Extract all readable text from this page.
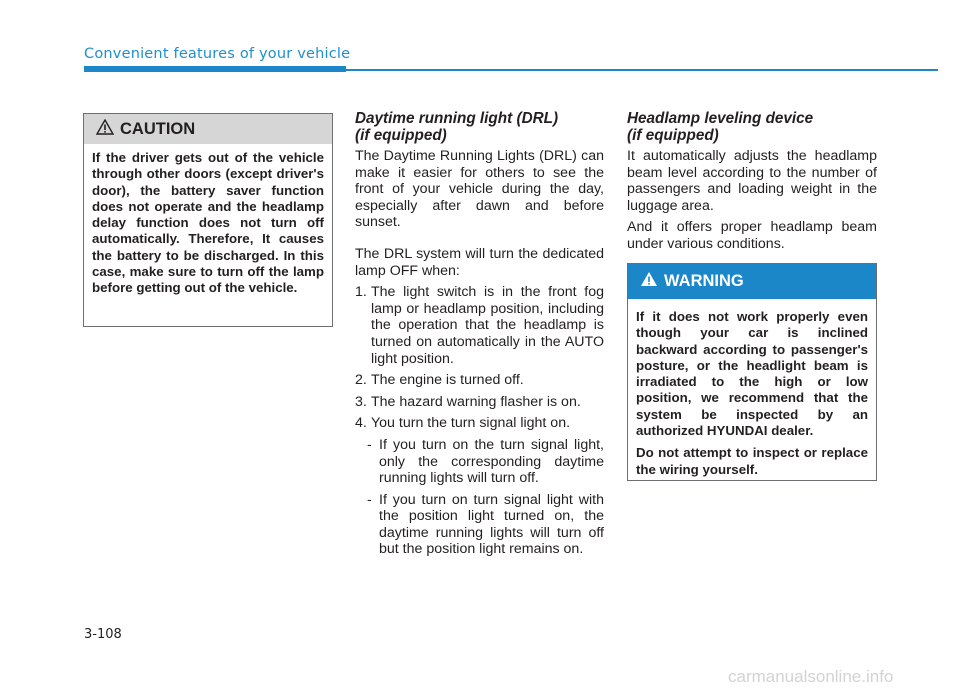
Convenient features of your vehicle
CAUTION

If the driver gets out of the vehicle through other doors (except driver's door), the battery saver function does not operate and the headlamp delay function does not turn off automatically. Therefore, It causes the battery to be discharged. In this case, make sure to turn off the lamp before getting out of the vehicle.

Daytime running light (DRL)
(if equipped)

The Daytime Running Lights (DRL) can make it easier for others to see the front of your vehicle during the day, especially after dawn and before sunset.

The DRL system will turn the dedicated lamp OFF when:

1. The light switch is in the front fog lamp or headlamp position, including the operation that the headlamp is turned on automatically in the AUTO light position.
2. The engine is turned off.
3. The hazard warning flasher is on.
4. You turn the turn signal light on.
- If you turn on the turn signal light, only the corresponding daytime running lights will turn off.
- If you turn on turn signal light with the position light turned on, the daytime running lights will turn off but the position light remains on.
Headlamp leveling device
(if equipped)

It automatically adjusts the headlamp beam level according to the number of passengers and loading weight in the luggage area.

And it offers proper headlamp beam under various conditions.

WARNING

If it does not work properly even though your car is inclined backward according to passenger's posture, or the headlight beam is irradiated to the high or low position, we recommend that the system be inspected by an authorized HYUNDAI dealer.

Do not attempt to inspect or replace the wiring yourself.

3-108
carmanualsonline.info
